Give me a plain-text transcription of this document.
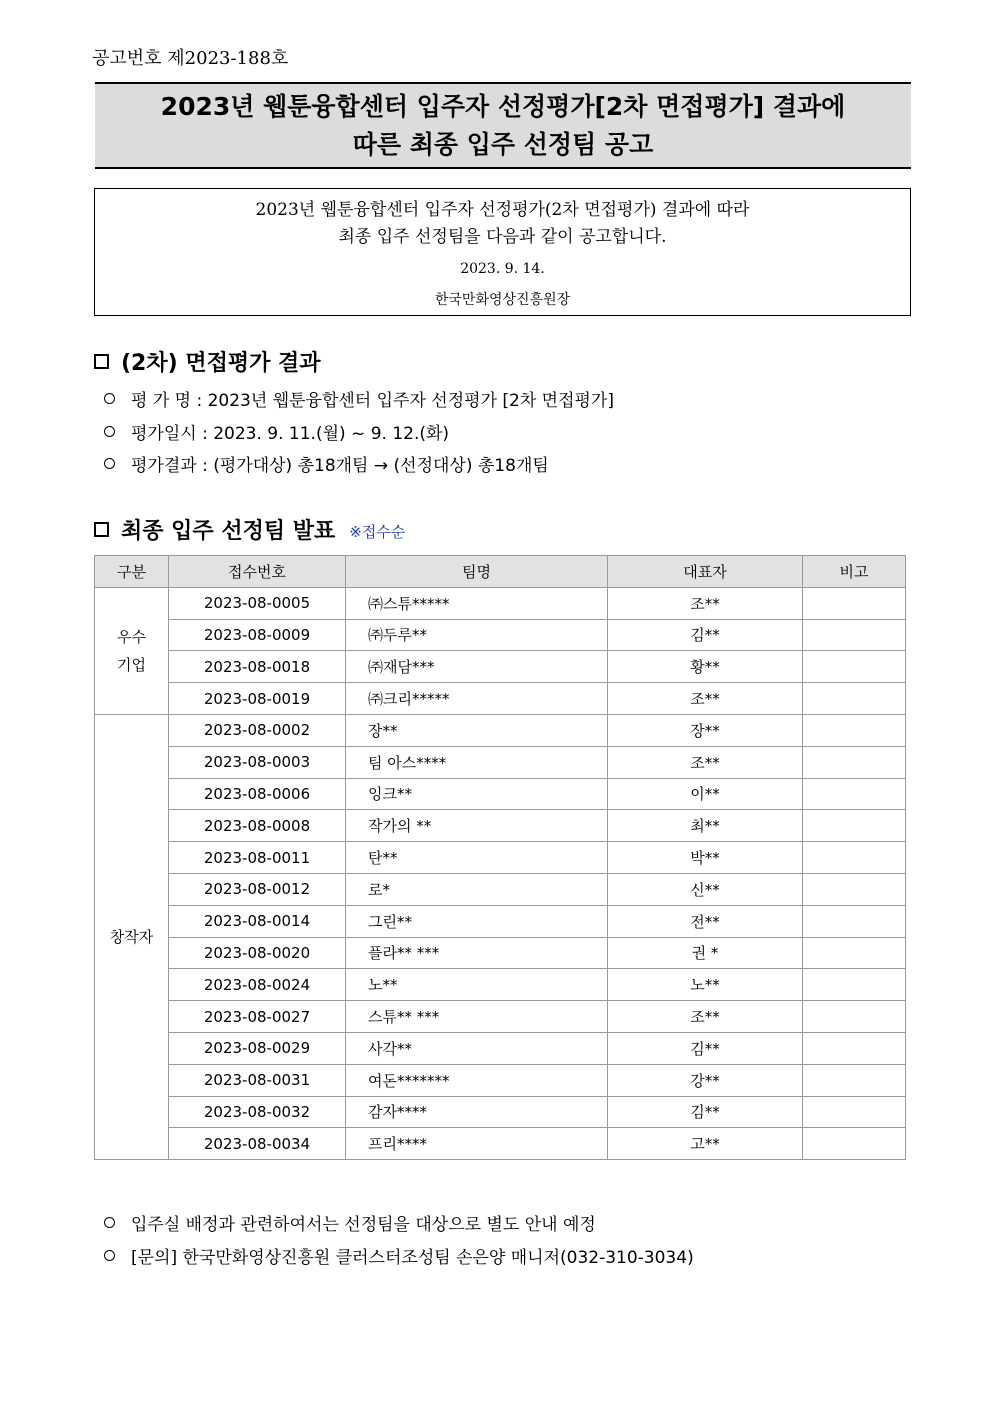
공고번호 제2023-188호
2023년 웹툰융합센터 입주자 선정평가[2차 면접평가] 결과에
따른 최종 입주 선정팀 공고
2023년 웹툰융합센터 입주자 선정평가(2차 면접평가) 결과에 따라
최종 입주 선정팀을 다음과 같이 공고합니다.
2023. 9. 14.
한국만화영상진흥원장
(2차) 면접평가 결과
평 가 명 : 2023년 웹툰융합센터 입주자 선정평가 [2차 면접평가]
평가일시 : 2023. 9. 11.(월) ~ 9. 12.(화)
평가결과 : (평가대상) 총18개팀 → (선정대상) 총18개팀
최종 입주 선정팀 발표 ※접수순
구분	접수번호	팀명	대표자	비고

우수
기업	2023-08-0005	㈜스튜*****	조**	
	2023-08-0009	㈜두루**	김**	
	2023-08-0018	㈜재담***	황**	
	2023-08-0019	㈜크리*****	조**	
창작자	2023-08-0002	장**	장**	
	2023-08-0003	팀 아스****	조**	
	2023-08-0006	잉크**	이**	
	2023-08-0008	작가의 **	최**	
	2023-08-0011	탄**	박**	
	2023-08-0012	로*	신**	
	2023-08-0014	그린**	전**	
	2023-08-0020	플라** ***	권 *	
	2023-08-0024	노**	노**	
	2023-08-0027	스튜** ***	조**	
	2023-08-0029	사각**	김**	
	2023-08-0031	여돈*******	강**	
	2023-08-0032	감자****	김**	
	2023-08-0034	프리****	고**	
입주실 배정과 관련하여서는 선정팀을 대상으로 별도 안내 예정
[문의] 한국만화영상진흥원 클러스터조성팀 손은양 매니저(032-310-3034)
